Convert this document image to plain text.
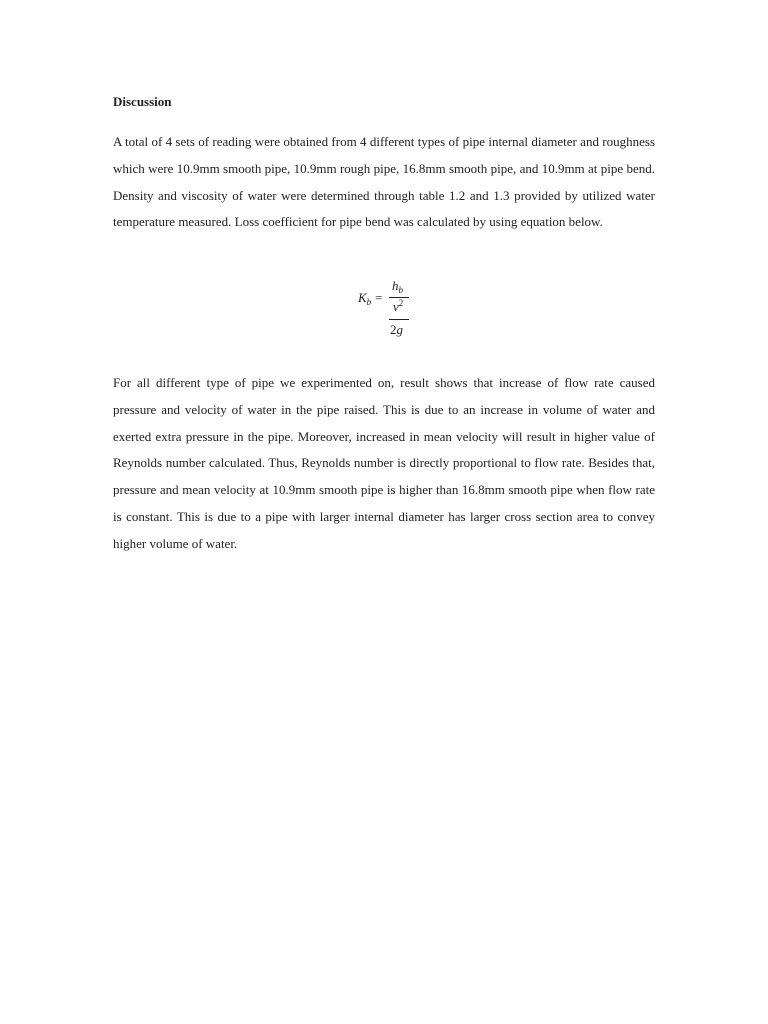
Discussion
A total of 4 sets of reading were obtained from 4 different types of pipe internal diameter and roughness which were 10.9mm smooth pipe, 10.9mm rough pipe, 16.8mm smooth pipe, and 10.9mm at pipe bend. Density and viscosity of water were determined through table 1.2 and 1.3 provided by utilized water temperature measured. Loss coefficient for pipe bend was calculated by using equation below.
$K_b$ =
$h_b$
$v^2$
2g
For all different type of pipe we experimented on, result shows that increase of flow rate caused pressure and velocity of water in the pipe raised. This is due to an increase in volume of water and exerted extra pressure in the pipe. Moreover, increased in mean velocity will result in higher value of Reynolds number calculated. Thus, Reynolds number is directly proportional to flow rate. Besides that, pressure and mean velocity at 10.9mm smooth pipe is higher than 16.8mm smooth pipe when flow rate is constant. This is due to a pipe with larger internal diameter has larger cross section area to convey higher volume of water.
